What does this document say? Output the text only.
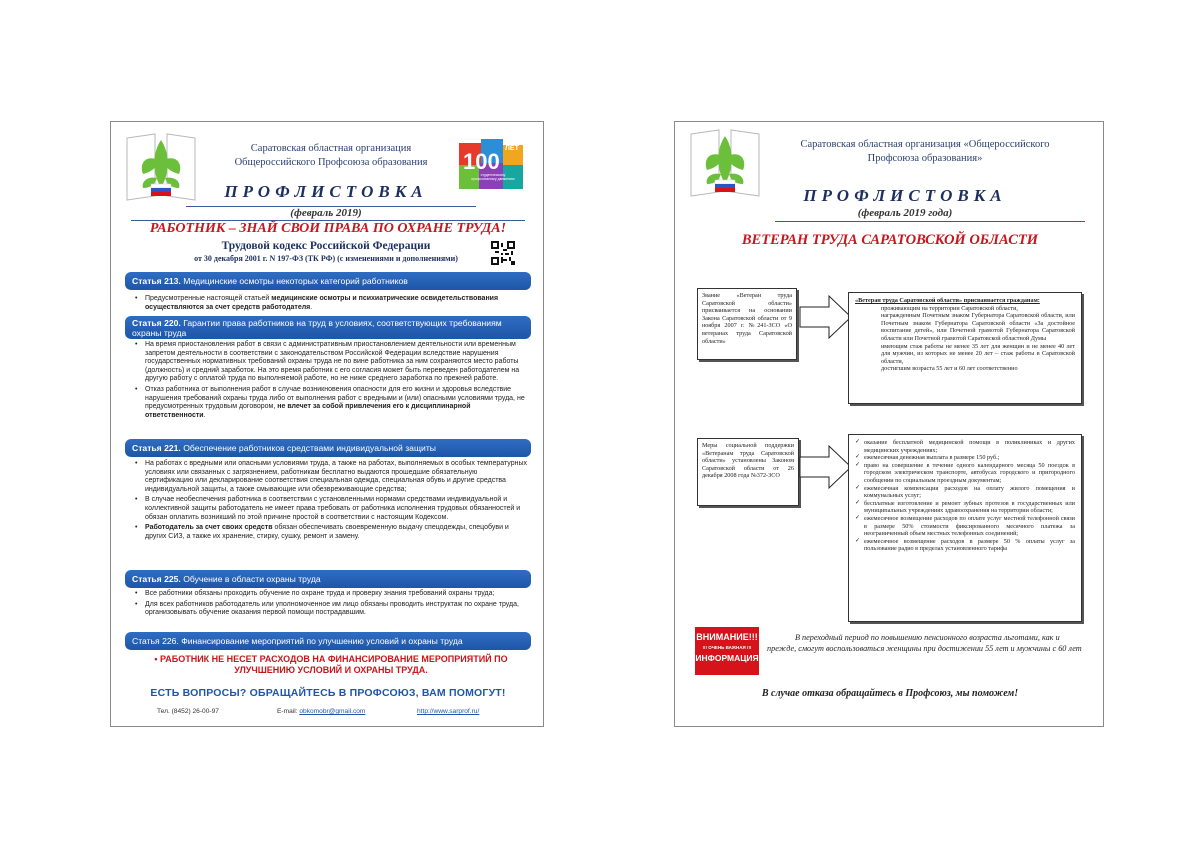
Саратовская областная организация
Общероссийского Профсоюза образования	100
ЛЕТ
студенческому профсоюзному движению
ПРОФЛИСТОВКА
(февраль 2019)
РАБОТНИК – ЗНАЙ СВОИ ПРАВА ПО ОХРАНЕ ТРУДА!
Трудовой кодекс Российской Федерации
от 30 декабря 2001 г. N 197-ФЗ (ТК РФ) (с изменениями и дополнениями)
Статья 213. Медицинские осмотры некоторых категорий работников
• Предусмотренные настоящей статьей медицинские осмотры и психиатрические освидетельствования осуществляются за счет средств работодателя.
Статья 220. Гарантии права работников на труд в условиях, соответствующих требованиям охраны труда
• На время приостановления работ в связи с административным приостановлением деятельности или временным запретом деятельности в соответствии с законодательством Российской Федерации вследствие нарушения государственных нормативных требований охраны труда не по вине работника за ним сохраняются место работы (должность) и средний заработок. На это время работник с его согласия может быть переведен работодателем на другую работу с оплатой труда по выполняемой работе, но не ниже среднего заработка по прежней работе.
• Отказ работника от выполнения работ в случае возникновения опасности для его жизни и здоровья вследствие нарушения требований охраны труда либо от выполнения работ с вредными и (или) опасными условиями труда, не предусмотренных трудовым договором, не влечет за собой привлечения его к дисциплинарной ответственности.
Статья 221. Обеспечение работников средствами индивидуальной защиты
• На работах с вредными или опасными условиями труда, а также на работах, выполняемых в особых температурных условиях или связанных с загрязнением, работникам бесплатно выдаются прошедшие обязательную сертификацию или декларирование соответствия специальная одежда, специальная обувь и другие средства индивидуальной защиты, а также смывающие или обезвреживающие средства;
• В случае необеспечения работника в соответствии с установленными нормами средствами индивидуальной и коллективной защиты работодатель не имеет права требовать от работника исполнения трудовых обязанностей и обязан оплатить возникший по этой причине простой в соответствии с настоящим Кодексом.
• Работодатель за счет своих средств обязан обеспечивать своевременную выдачу спецодежды, спецобуви и других СИЗ, а также их хранение, стирку, сушку, ремонт и замену.
Статья 225. Обучение в области охраны труда
• Все работники обязаны проходить обучение по охране труда и проверку знания требований охраны труда;
• Для всех работников работодатель или уполномоченное им лицо обязаны проводить инструктаж по охране труда, организовывать обучение оказания первой помощи пострадавшим.
Статья 226. Финансирование мероприятий по улучшению условий и охраны труда
• РАБОТНИК НЕ НЕСЕТ РАСХОДОВ НА ФИНАНСИРОВАНИЕ МЕРОПРИЯТИЙ ПО УЛУЧШЕНИЮ УСЛОВИЙ И ОХРАНЫ ТРУДА.
ЕСТЬ ВОПРОСЫ? ОБРАЩАЙТЕСЬ В ПРОФСОЮЗ, ВАМ ПОМОГУТ!
Тел. (8452) 26-00-97	E-mail: obkomobr@gmail.com	http://www.sarprof.ru/
Саратовская областная организация «Общероссийского
Профсоюза образования»
ПРОФЛИСТОВКА
(февраль 2019 года)
ВЕТЕРАН ТРУДА САРАТОВСКОЙ ОБЛАСТИ
Звание «Ветеран труда Саратовской области» присваивается на основании Закона Саратовской области от 9 ноября 2007 г. №241-ЗСО «О ветеранах труда Саратовской области»
«Ветеран труда Саратовской области» присваивается гражданам:
проживающим на территории Саратовской области,
награжденным Почетным знаком Губернатора Саратовской области, или Почетным знаком Губернатора Саратовской области «За достойное воспитание детей», или Почетной грамотой Губернатора Саратовской области или Почетной грамотой Саратовской областной Думы
имеющим стаж работы не менее 35 лет для женщин и не менее 40 лет для мужчин, из которых не менее 20 лет – стаж работы в Саратовской области,
достигшим возраста 55 лет и 60 лет соответственно
Меры социальной поддержки «Ветеранам труда Саратовской области» установлены Законом Саратовской области от 26 декабря 2008 года №372-ЗСО
✓ оказание бесплатной медицинской помощи в поликлиниках и других медицинских учреждениях;
✓ ежемесячная денежная выплата в размере 150 руб.;
✓ право на совершение в течение одного календарного месяца 50 поездок в городском электрическом транспорте, автобусах городского и пригородного сообщении по социальным проездным документам;
✓ ежемесячная компенсация расходов на оплату жилого помещения и коммунальных услуг;
✓ бесплатные изготовление и ремонт зубных протезов в государственных или муниципальных учреждениях здравоохранения на территории области;
✓ ежемесячное возмещение расходов по оплате услуг местной телефонной связи в размере 50% стоимости фиксированного месячного платежа за неограниченный объем местных телефонных соединений;
✓ ежемесячное возмещение расходов в размере 50 % оплаты услуг за пользование радио в пределах установленного тарифа
ВНИМАНИЕ!!!
!!! ОЧЕНЬ ВАЖНАЯ !!!
ИНФОРМАЦИЯ
В переходный период по повышению пенсионного возраста льготами, как и прежде, смогут воспользоваться женщины при достижении 55 лет и мужчины с 60 лет
В случае отказа обращайтесь в Профсоюз, мы поможем!
